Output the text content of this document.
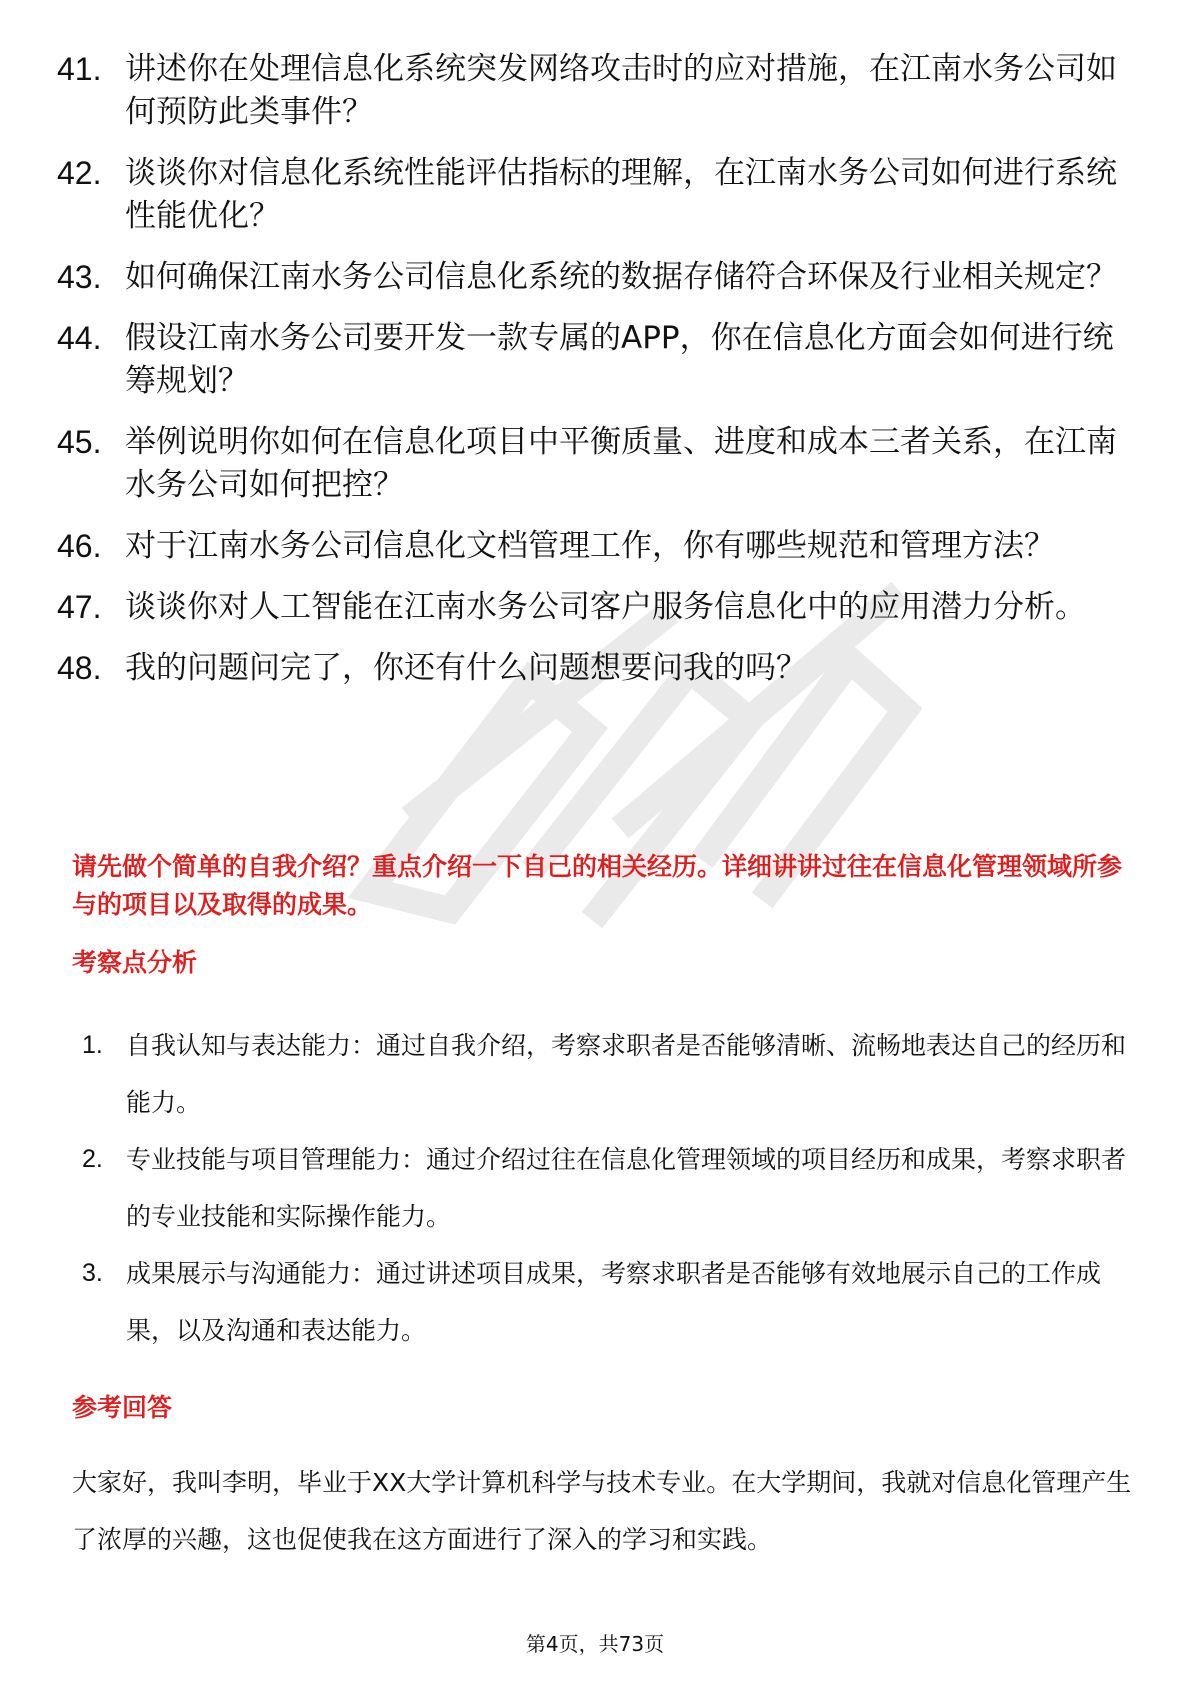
41. 讲述你在处理信息化系统突发网络攻击时的应对措施，在江南水务公司如何预防此类事件？
42. 谈谈你对信息化系统性能评估指标的理解，在江南水务公司如何进行系统性能优化？
43. 如何确保江南水务公司信息化系统的数据存储符合环保及行业相关规定？
44. 假设江南水务公司要开发一款专属的APP，你在信息化方面会如何进行统筹规划？
45. 举例说明你如何在信息化项目中平衡质量、进度和成本三者关系，在江南水务公司如何把控？
46. 对于江南水务公司信息化文档管理工作，你有哪些规范和管理方法？
47. 谈谈你对人工智能在江南水务公司客户服务信息化中的应用潜力分析。
48. 我的问题问完了，你还有什么问题想要问我的吗？

请先做个简单的自我介绍？重点介绍一下自己的相关经历。详细讲讲过往在信息化管理领域所参与的项目以及取得的成果。

考察点分析

1. 自我认知与表达能力：通过自我介绍，考察求职者是否能够清晰、流畅地表达自己的经历和能力。
2. 专业技能与项目管理能力：通过介绍过往在信息化管理领域的项目经历和成果，考察求职者的专业技能和实际操作能力。
3. 成果展示与沟通能力：通过讲述项目成果，考察求职者是否能够有效地展示自己的工作成果，以及沟通和表达能力。

参考回答

大家好，我叫李明，毕业于XX大学计算机科学与技术专业。在大学期间，我就对信息化管理产生了浓厚的兴趣，这也促使我在这方面进行了深入的学习和实践。

第4页，共73页
